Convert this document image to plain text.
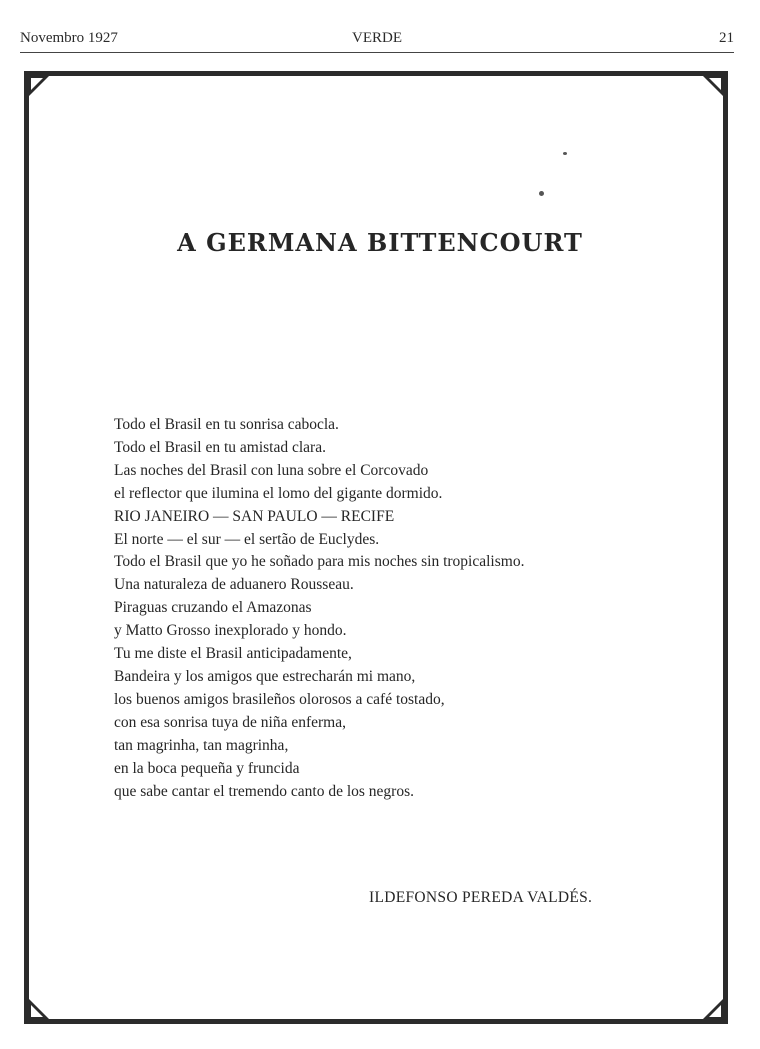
Novembro 1927	VERDE	21
A GERMANA BITTENCOURT
Todo el Brasil en tu sonrisa cabocla.
Todo el Brasil en tu amistad clara.
Las noches del Brasil con luna sobre el Corcovado
el reflector que ilumina el lomo del gigante dormido.
RIO JANEIRO — SAN PAULO — RECIFE
El norte — el sur — el sertão de Euclydes.
Todo el Brasil que yo he soñado para mis noches sin tropicalismo.
Una naturaleza de aduanero Rousseau.
Piraguas cruzando el Amazonas
y Matto Grosso inexplorado y hondo.
Tu me diste el Brasil anticipadamente,
Bandeira y los amigos que estrecharán mi mano,
los buenos amigos brasileños olorosos a café tostado,
con esa sonrisa tuya de niña enferma,
tan magrinha, tan magrinha,
en la boca pequeña y fruncida
que sabe cantar el tremendo canto de los negros.
ILDEFONSO PEREDA VALDÉS.
